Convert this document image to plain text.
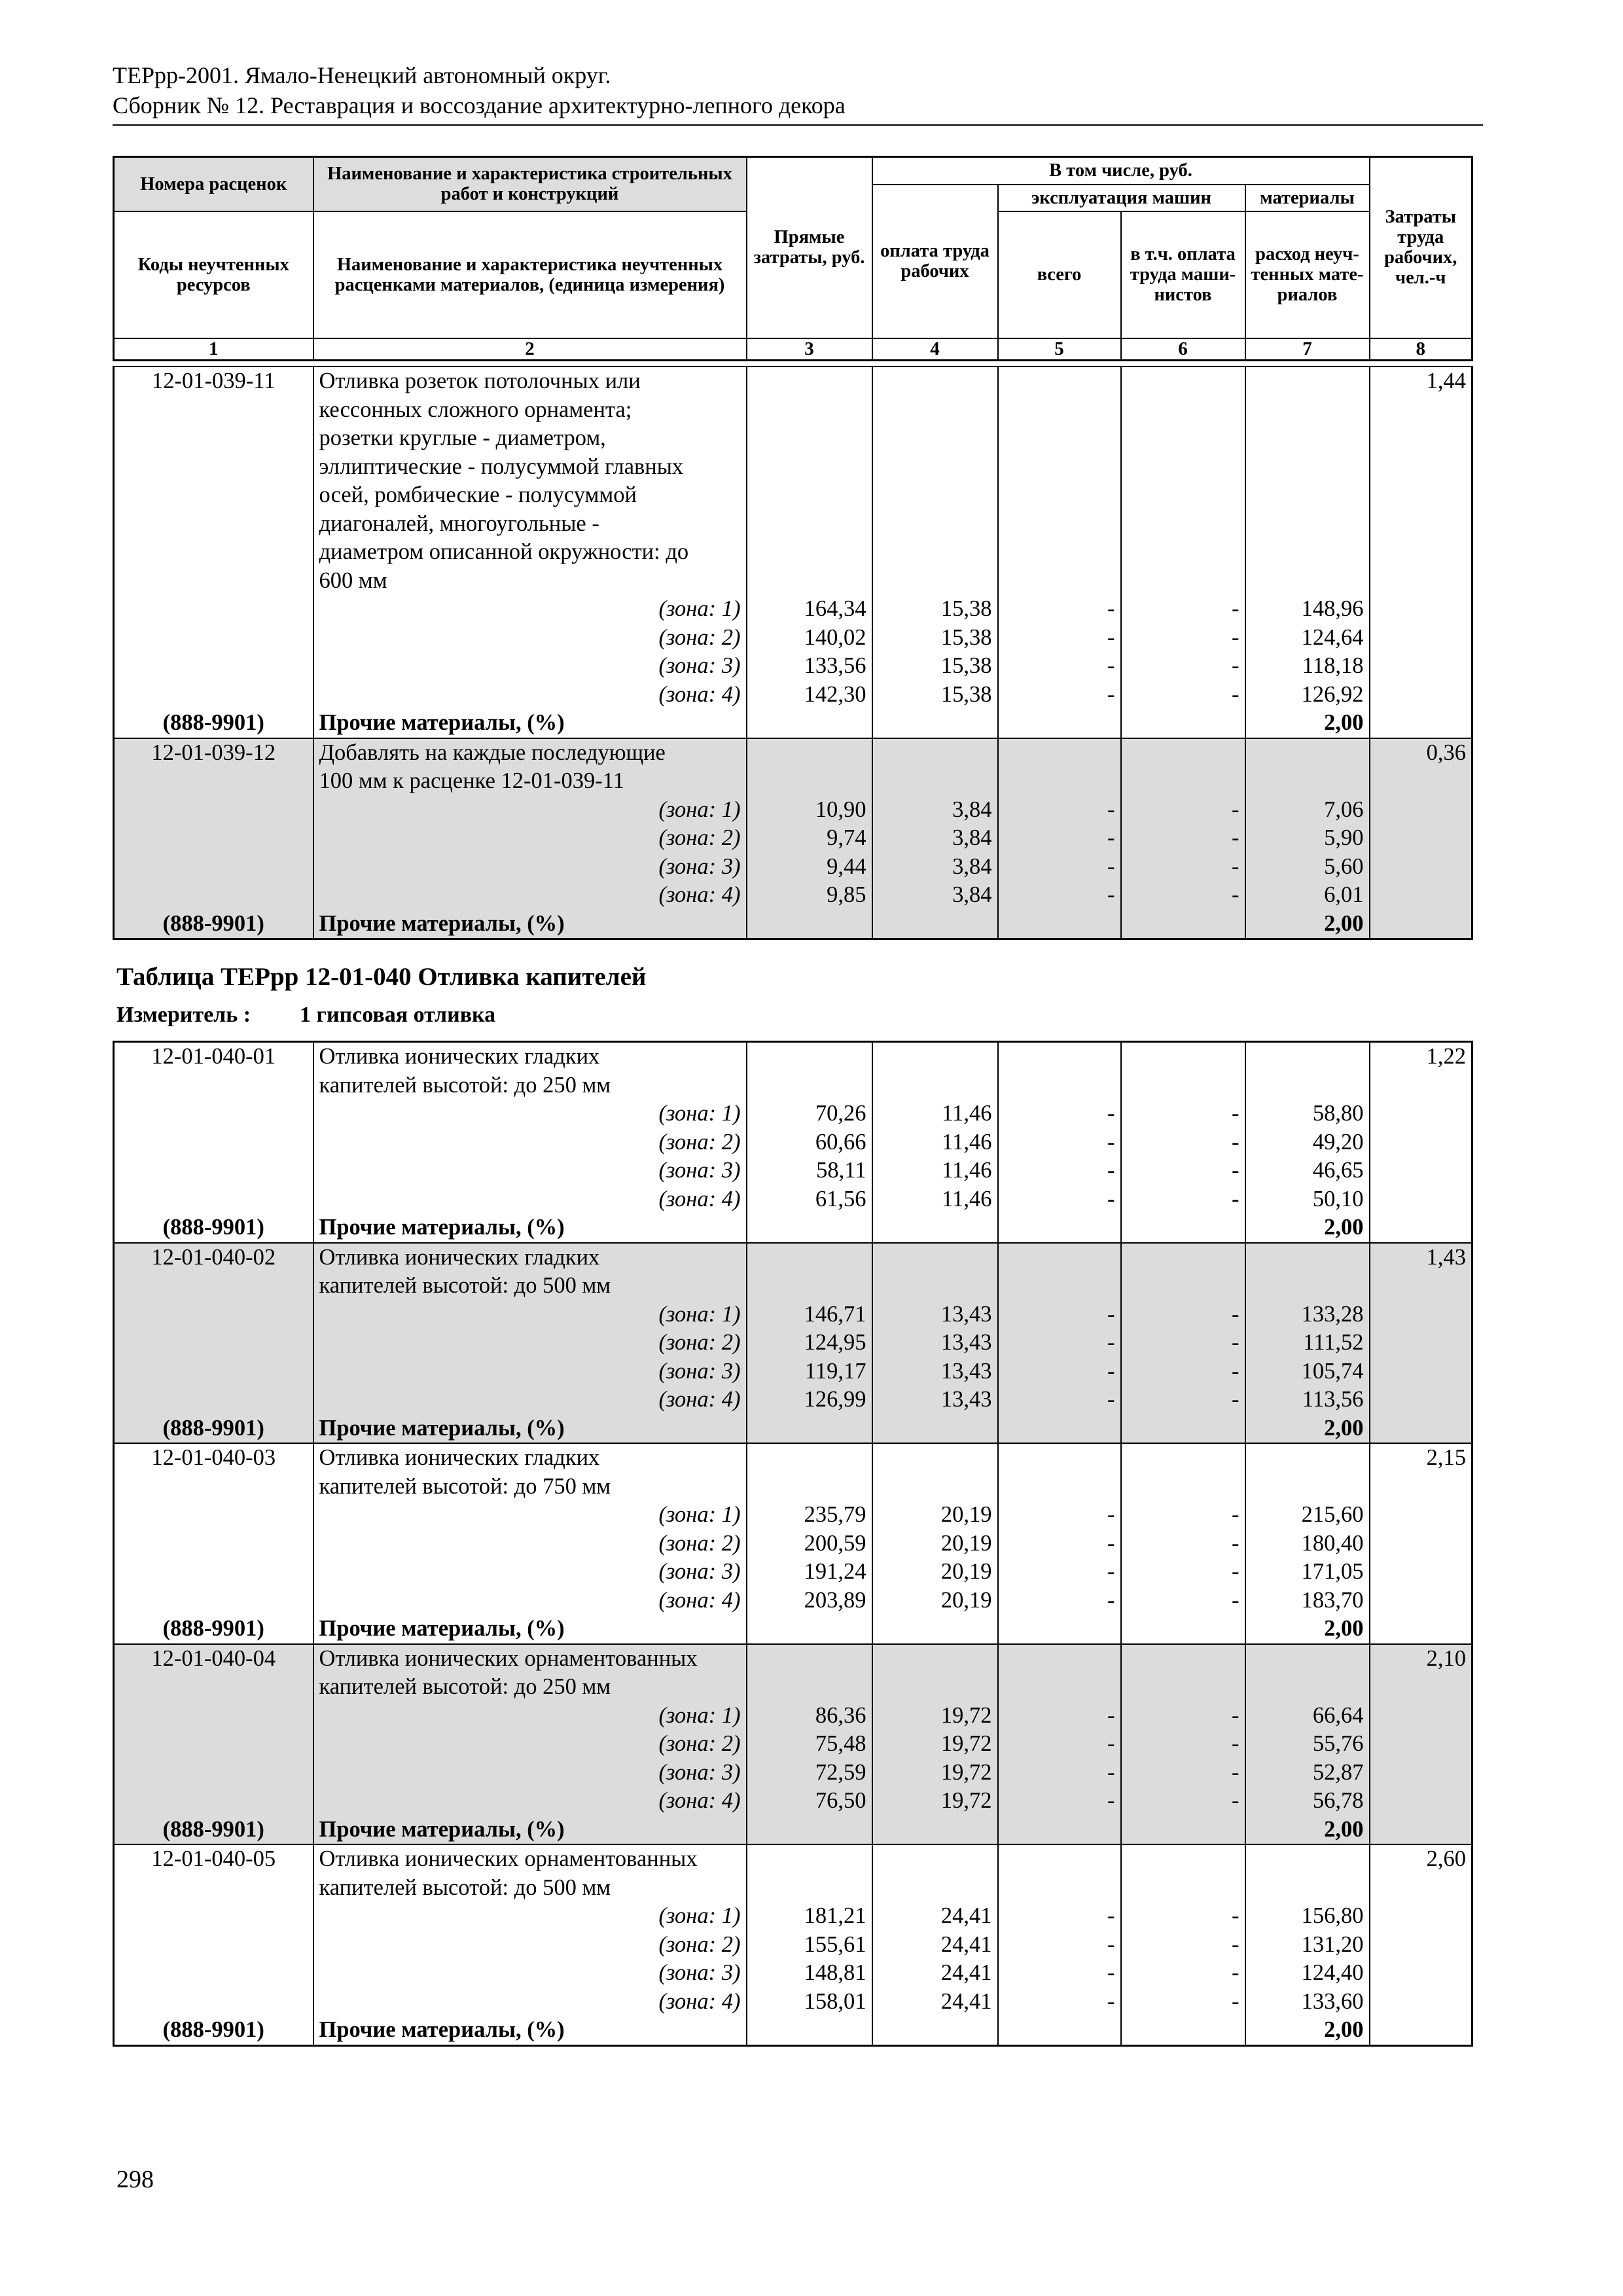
ТЕРрр-2001. Ямало-Ненецкий автономный округ.
Сборник № 12. Реставрация и воссоздание архитектурно-лепного декора
Номера расценок	Наименование и характеристика строительных работ и конструкций	Прямые затраты, руб.	В том числе, руб.				Затраты труда рабочих, чел.-ч
			оплата труда рабочих	эксплуатация машин		материалы	
Коды неучтенных ресурсов	Наименование и характеристика неучтенных расценками материалов, (единица измерения)			всего	в т.ч. оплата труда маши-нистов	расход неуч-тенных мате-риалов	
1	2	3	4	5	6	7	8
12-01-039-11	Отливка розеток потолочных или						1,44
	кессонных сложного орнамента;						
	розетки круглые - диаметром,						
	эллиптические - полусуммой главных						
	осей, ромбические - полусуммой						
	диагоналей, многоугольные -						
	диаметром описанной окружности: до						
	600 мм						
	(зона: 1)	164,34	15,38	-	-	148,96	
	(зона: 2)	140,02	15,38	-	-	124,64	
	(зона: 3)	133,56	15,38	-	-	118,18	
	(зона: 4)	142,30	15,38	-	-	126,92	
(888-9901)	Прочие материалы, (%)					2,00	
12-01-039-12	Добавлять на каждые последующие						0,36
	100 мм к расценке 12-01-039-11						
	(зона: 1)	10,90	3,84	-	-	7,06	
	(зона: 2)	9,74	3,84	-	-	5,90	
	(зона: 3)	9,44	3,84	-	-	5,60	
	(зона: 4)	9,85	3,84	-	-	6,01	
(888-9901)	Прочие материалы, (%)					2,00	
Таблица ТЕРрр 12-01-040 Отливка капителей
Измеритель : 1 гипсовая отливка
12-01-040-01	Отливка ионических гладких						1,22
	капителей высотой: до 250 мм						
	(зона: 1)	70,26	11,46	-	-	58,80	
	(зона: 2)	60,66	11,46	-	-	49,20	
	(зона: 3)	58,11	11,46	-	-	46,65	
	(зона: 4)	61,56	11,46	-	-	50,10	
(888-9901)	Прочие материалы, (%)					2,00	
12-01-040-02	Отливка ионических гладких						1,43
	капителей высотой: до 500 мм						
	(зона: 1)	146,71	13,43	-	-	133,28	
	(зона: 2)	124,95	13,43	-	-	111,52	
	(зона: 3)	119,17	13,43	-	-	105,74	
	(зона: 4)	126,99	13,43	-	-	113,56	
(888-9901)	Прочие материалы, (%)					2,00	
12-01-040-03	Отливка ионических гладких						2,15
	капителей высотой: до 750 мм						
	(зона: 1)	235,79	20,19	-	-	215,60	
	(зона: 2)	200,59	20,19	-	-	180,40	
	(зона: 3)	191,24	20,19	-	-	171,05	
	(зона: 4)	203,89	20,19	-	-	183,70	
(888-9901)	Прочие материалы, (%)					2,00	
12-01-040-04	Отливка ионических орнаментованных						2,10
	капителей высотой: до 250 мм						
	(зона: 1)	86,36	19,72	-	-	66,64	
	(зона: 2)	75,48	19,72	-	-	55,76	
	(зона: 3)	72,59	19,72	-	-	52,87	
	(зона: 4)	76,50	19,72	-	-	56,78	
(888-9901)	Прочие материалы, (%)					2,00	
12-01-040-05	Отливка ионических орнаментованных						2,60
	капителей высотой: до 500 мм						
	(зона: 1)	181,21	24,41	-	-	156,80	
	(зона: 2)	155,61	24,41	-	-	131,20	
	(зона: 3)	148,81	24,41	-	-	124,40	
	(зона: 4)	158,01	24,41	-	-	133,60	
(888-9901)	Прочие материалы, (%)					2,00	
298
